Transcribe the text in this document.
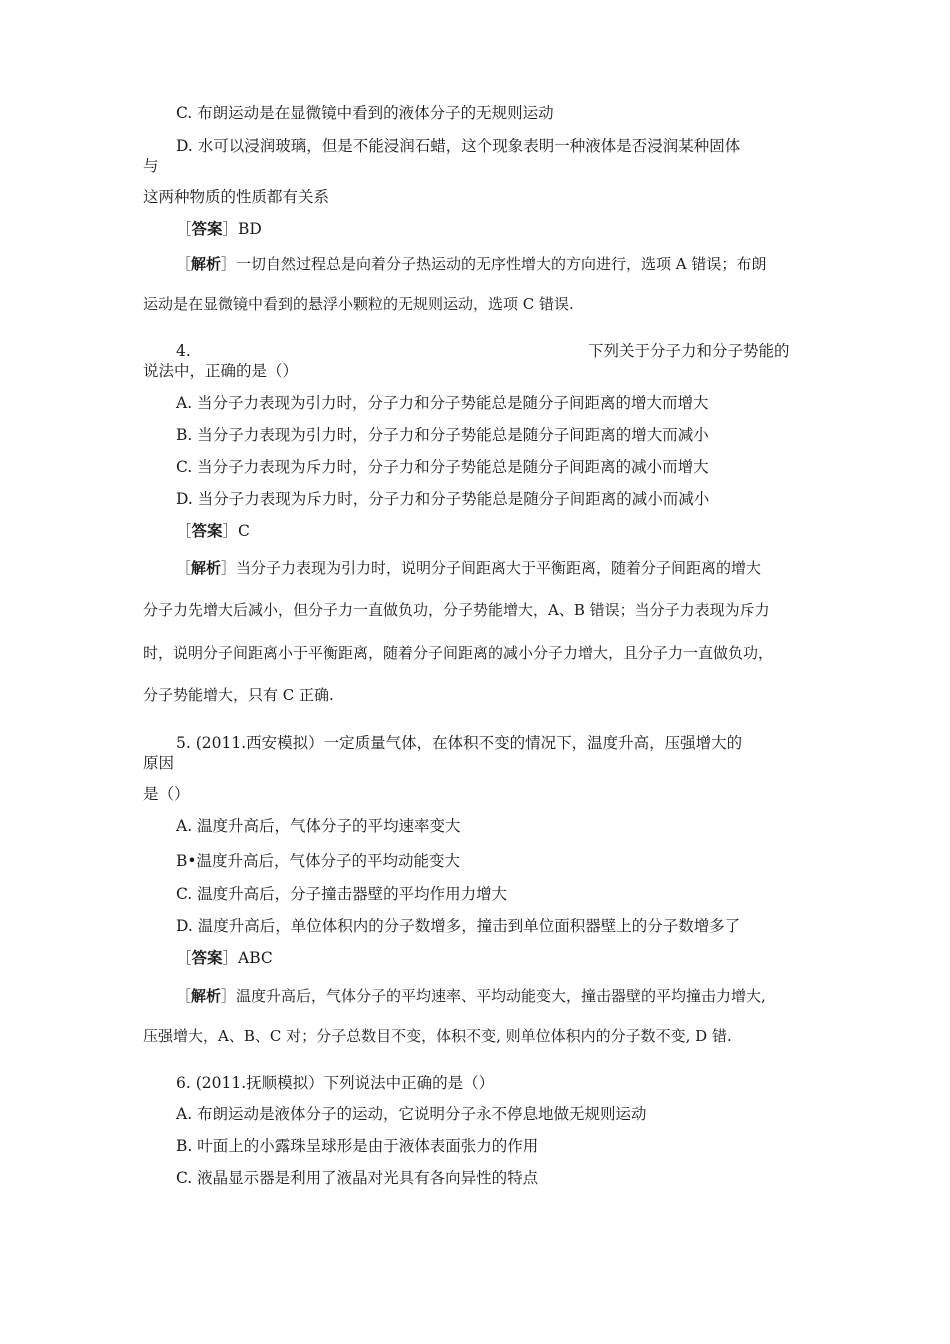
C. 布朗运动是在显微镜中看到的液体分子的无规则运动
D. 水可以浸润玻璃，但是不能浸润石蜡，这个现象表明一种液体是否浸润某种固体
与
这两种物质的性质都有关系
［答案］BD
［解析］一切自然过程总是向着分子热运动的无序性增大的方向进行，选项 A 错误；布朗
运动是在显微镜中看到的悬浮小颗粒的无规则运动，选项 C 错误.
4.	下列关于分子力和分子势能的
说法中，正确的是（）
A. 当分子力表现为引力时，分子力和分子势能总是随分子间距离的增大而增大
B. 当分子力表现为引力时，分子力和分子势能总是随分子间距离的增大而减小
C. 当分子力表现为斥力时，分子力和分子势能总是随分子间距离的减小而增大
D. 当分子力表现为斥力时，分子力和分子势能总是随分子间距离的减小而减小
［答案］C
［解析］当分子力表现为引力时，说明分子间距离大于平衡距离，随着分子间距离的增大
分子力先增大后减小，但分子力一直做负功，分子势能增大，A、B 错误；当分子力表现为斥力
时，说明分子间距离小于平衡距离，随着分子间距离的减小分子力增大，且分子力一直做负功，
分子势能增大，只有 C 正确.
5. (2011.西安模拟）一定质量气体，在体积不变的情况下，温度升高，压强增大的
原因
是（）
A. 温度升高后，气体分子的平均速率变大
B•温度升高后，气体分子的平均动能变大
C. 温度升高后，分子撞击器壁的平均作用力增大
D. 温度升高后，单位体积内的分子数增多，撞击到单位面积器壁上的分子数增多了
［答案］ABC
［解析］温度升高后，气体分子的平均速率、平均动能变大，撞击器壁的平均撞击力增大,
压强增大，A、B、C 对；分子总数目不变，体积不变, 则单位体积内的分子数不变, D 错.
6. (2011.抚顺模拟）下列说法中正确的是（）
A. 布朗运动是液体分子的运动，它说明分子永不停息地做无规则运动
B. 叶面上的小露珠呈球形是由于液体表面张力的作用
C. 液晶显示器是利用了液晶对光具有各向异性的特点
